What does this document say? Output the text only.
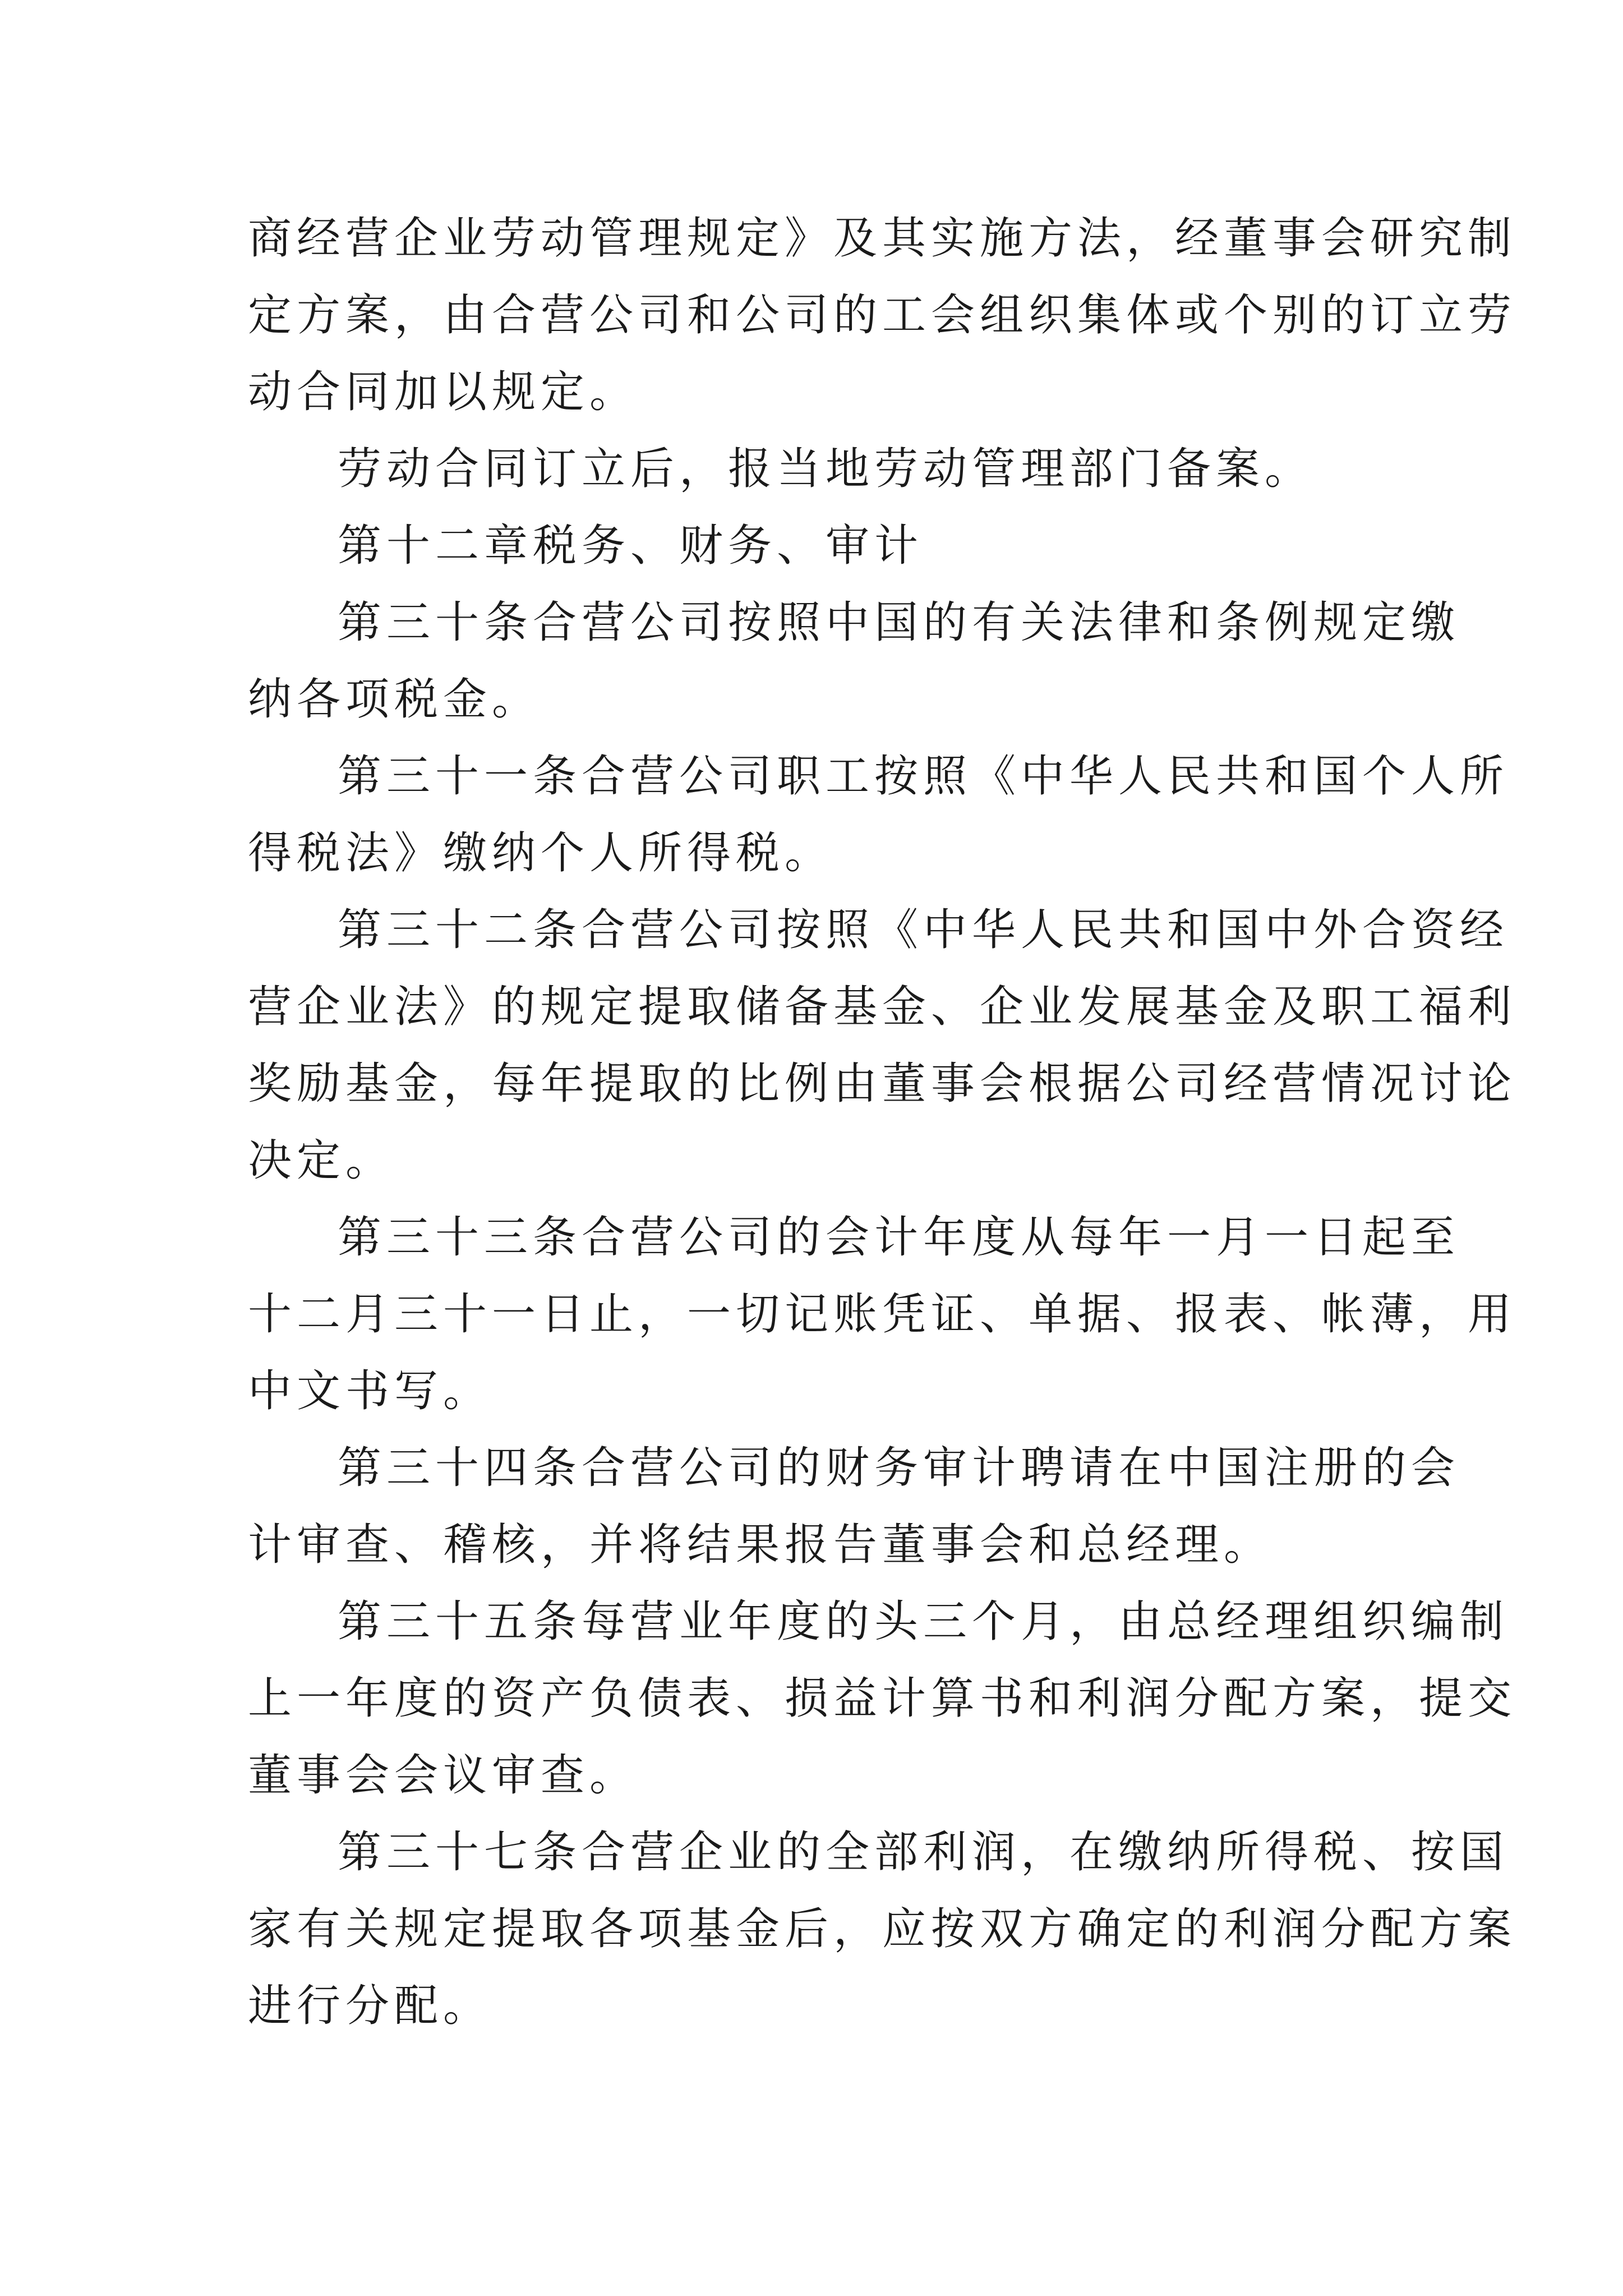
商经营企业劳动管理规定》及其实施方法，经董事会研究制
定方案，由合营公司和公司的工会组织集体或个别的订立劳
动合同加以规定。
劳动合同订立后，报当地劳动管理部门备案。
第十二章税务、财务、审计
第三十条合营公司按照中国的有关法律和条例规定缴
纳各项税金。
第三十一条合营公司职工按照《中华人民共和国个人所
得税法》缴纳个人所得税。
第三十二条合营公司按照《中华人民共和国中外合资经
营企业法》的规定提取储备基金、企业发展基金及职工福利
奖励基金，每年提取的比例由董事会根据公司经营情况讨论
决定。
第三十三条合营公司的会计年度从每年一月一日起至
十二月三十一日止，一切记账凭证、单据、报表、帐薄，用
中文书写。
第三十四条合营公司的财务审计聘请在中国注册的会
计审查、稽核，并将结果报告董事会和总经理。
第三十五条每营业年度的头三个月，由总经理组织编制
上一年度的资产负债表、损益计算书和利润分配方案，提交
董事会会议审查。
第三十七条合营企业的全部利润，在缴纳所得税、按国
家有关规定提取各项基金后，应按双方确定的利润分配方案
进行分配。
